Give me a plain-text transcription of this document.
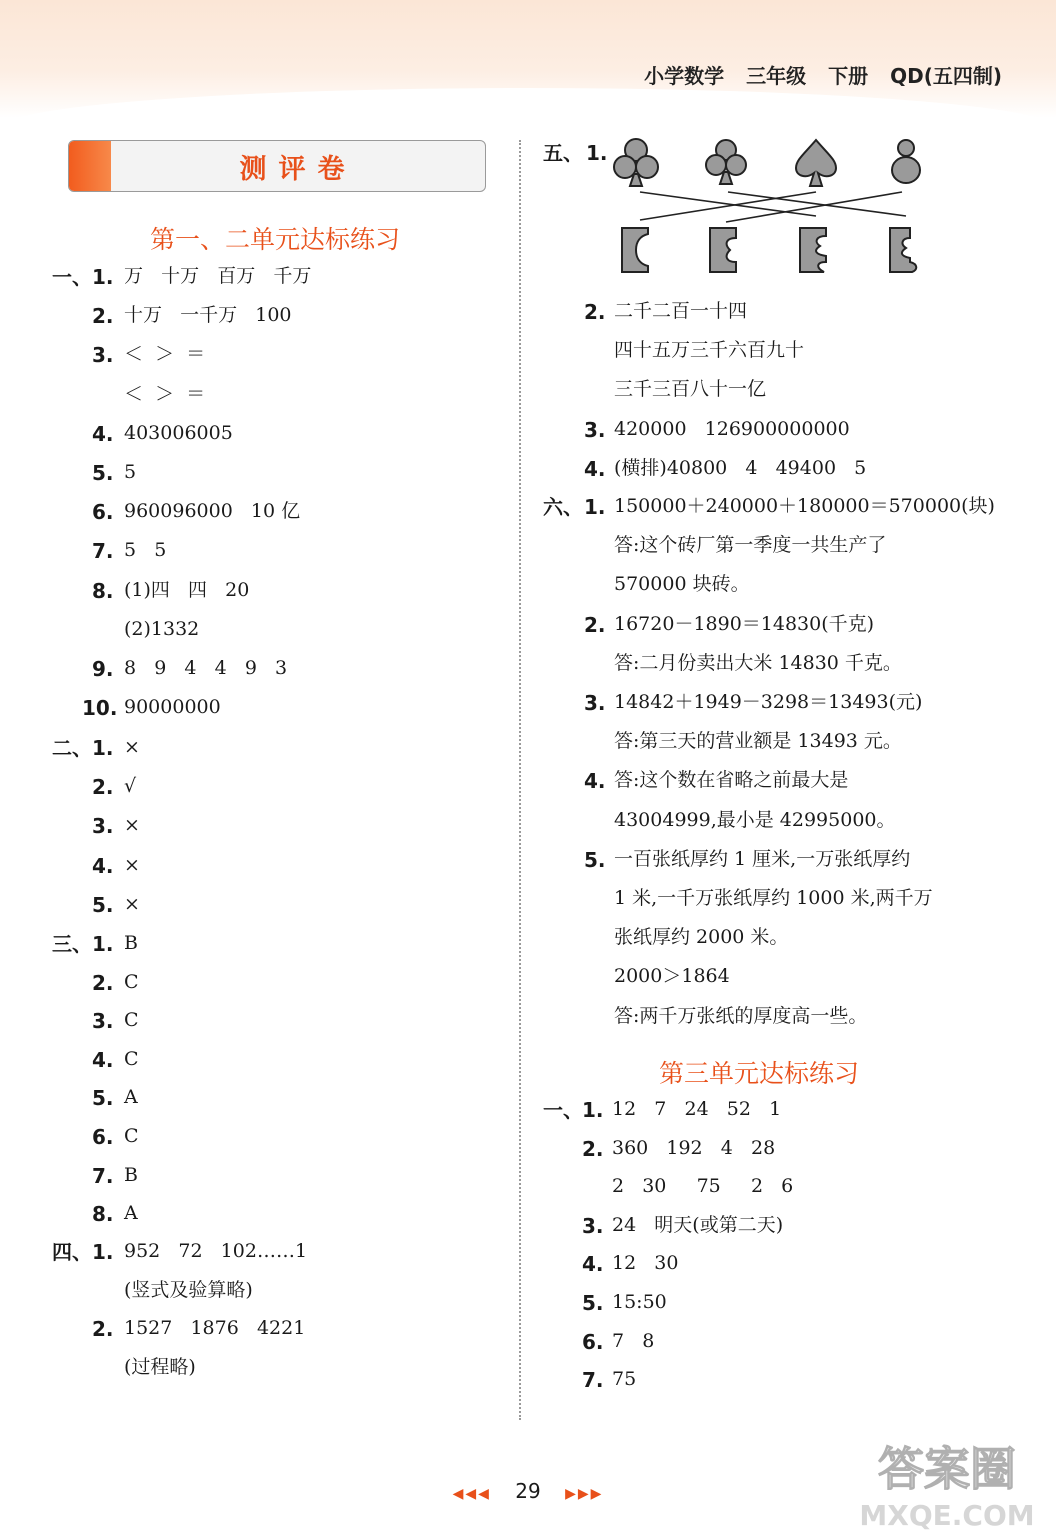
小学数学 三年级 下册 QD(五四制)
测评卷
第一、二单元达标练习
一、 1. 万   十万   百万   千万
2. 十万   一千万   100
3. ＜  ＞  ＝
＜  ＞  ＝
4. 403006005
5. 5
6. 960096000   10 亿
7. 5   5
8. (1)四   四   20
(2)1332
9. 8   9   4   4   9   3
10. 90000000
二、 1. ×
2. √
3. ×
4. ×
5. ×
三、 1. B
2. C
3. C
4. C
5. A
6. C
7. B
8. A
四、 1. 952   72   102……1
(竖式及验算略)
2. 1527   1876   4221
(过程略)
2. 二千二百一十四
四十五万三千六百九十
三千三百八十一亿
3. 420000   126900000000
4. (横排)40800   4   49400   5
六、 1. 150000＋240000＋180000＝570000(块)
答:这个砖厂第一季度一共生产了
570000 块砖。
2. 16720－1890＝14830(千克)
答:二月份卖出大米 14830 千克。
3. 14842＋1949－3298＝13493(元)
答:第三天的营业额是 13493 元。
4. 答:这个数在省略之前最大是
43004999,最小是 42995000。
5. 一百张纸厚约 1 厘米,一万张纸厚约
1 米,一千万张纸厚约 1000 米,两千万
张纸厚约 2000 米。
2000＞1864
答:两千万张纸的厚度高一些。
一、 1. 12   7   24   52   1
2. 360   192   4   28
2   30     75     2   6
3. 24   明天(或第二天)
4. 12   30
5. 15:50
6. 7   8
7. 75
五、 1.
第三单元达标练习
◀◀◀ 29 ▶▶▶	答案圈
MXQE.COM
